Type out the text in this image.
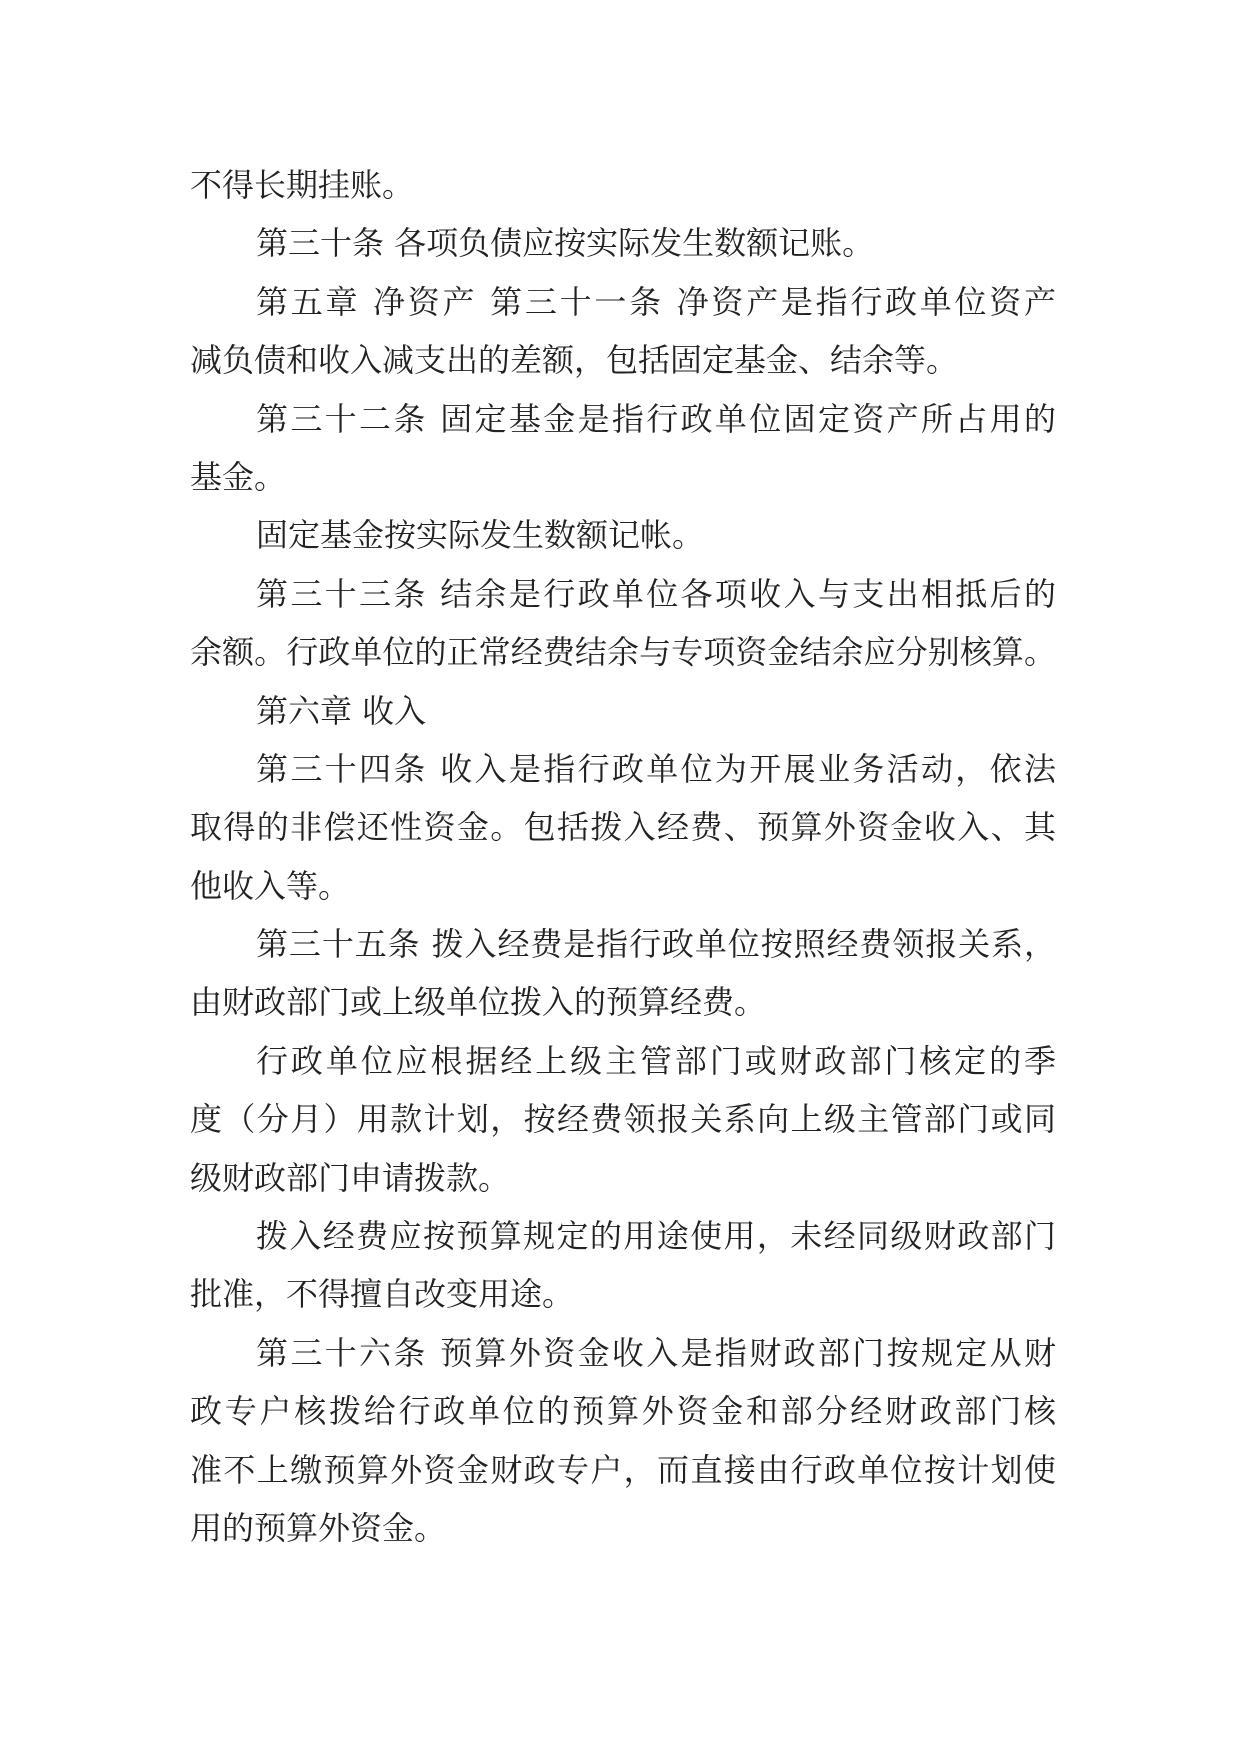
不得长期挂账。
第三十条 各项负债应按实际发生数额记账。
第五章 净资产 第三十一条 净资产是指行政单位资产
减负债和收入减支出的差额，包括固定基金、结余等。
第三十二条 固定基金是指行政单位固定资产所占用的
基金。
固定基金按实际发生数额记帐。
第三十三条 结余是行政单位各项收入与支出相抵后的
余额。行政单位的正常经费结余与专项资金结余应分别核算。
第六章 收入
第三十四条 收入是指行政单位为开展业务活动，依法
取得的非偿还性资金。包括拨入经费、预算外资金收入、其
他收入等。
第三十五条 拨入经费是指行政单位按照经费领报关系，
由财政部门或上级单位拨入的预算经费。
行政单位应根据经上级主管部门或财政部门核定的季
度（分月）用款计划，按经费领报关系向上级主管部门或同
级财政部门申请拨款。
拨入经费应按预算规定的用途使用，未经同级财政部门
批准，不得擅自改变用途。
第三十六条 预算外资金收入是指财政部门按规定从财
政专户核拨给行政单位的预算外资金和部分经财政部门核
准不上缴预算外资金财政专户，而直接由行政单位按计划使
用的预算外资金。
